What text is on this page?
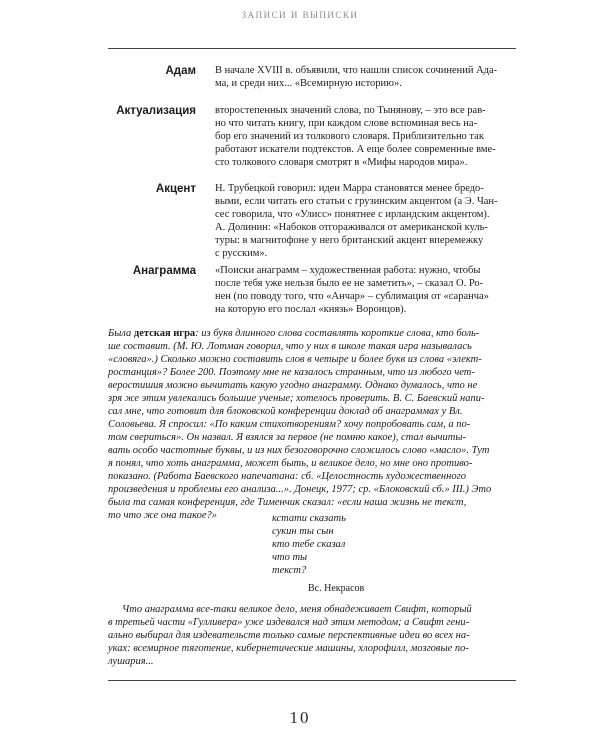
ЗАПИСИ И ВЫПИСКИ
Адам В начале XVIII в. объявили, что нашли список сочинений Ада-
ма, и среди них... «Всемирную историю».
Актуализация второстепенных значений слова, по Тынянову, – это все рав-
но что читать книгу, при каждом слове вспоминая весь на-
бор его значений из толкового словаря. Приблизительно так
работают искатели подтекстов. А еще более современные вме-
сто толкового словаря смотрят в «Мифы народов мира».
Акцент Н. Трубецкой говорил: идеи Марра становятся менее бредо-
выми, если читать его статьи с грузинским акцентом (а Э. Чан-
сес говорила, что «Улисс» понятнее с ирландским акцентом).
А. Долинин: «Набоков отгораживался от американской куль-
туры: в магнитофоне у него британский акцент вперемежку
с русским».
Анаграмма «Поиски анаграмм – художественная работа: нужно, чтобы
после тебя уже нельзя было ее не заметить», – сказал О. Ро-
нен (по поводу того, что «Анчар» – сублимация от «саранча»
на которую его послал «князь» Воронцов).
Была детская игра: из букв длинного слова составлять короткие слова, кто боль-
ше составит. (М. Ю. Лотман говорил, что у них в школе такая игра называлась
«словяга».) Сколько можно составить слов в четыре и более букв из слова «элект-
ростанция»? Более 200. Поэтому мне не казалось странным, что из любого чет-
веростишия можно вычитать какую угодно анаграмму. Однако думалось, что не
зря же этим увлекались большие ученые; хотелось проверить. В. С. Баевский напи-
сал мне, что готовит для блоковской конференции доклад об анаграммах у Вл.
Соловьева. Я спросил: «По каким стихотворениям? хочу попробовать сам, а по-
том свериться». Он назвал. Я взялся за первое (не помню какое), стал вычиты-
вать особо частотные буквы, и из них безоговорочно сложилось слово «масло». Тут
я понял, что хоть анаграмма, может быть, и великое дело, но мне оно противо-
показано. (Работа Баевского напечатана: сб. «Целостность художественного
произведения и проблемы его анализа...». Донецк, 1977; ср. «Блоковский сб.» III.) Это
была та самая конференция, где Тименчик сказал: «если наша жизнь не текст,
то что же она такое?»	кстати сказать
сукин ты сын
кто тебе сказал
что ты
текст?
Вс. Некрасов
Что анаграмма все-таки великое дело, меня обнадеживает Свифт, который
в третьей части «Гулливера» уже издевался над этим методом; а Свифт гени-
ально выбирал для издевательств только самые перспективные идеи во всех на-
уках: всемирное тяготение, кибернетические машины, хлорофилл, мозговые по-
лушария...
10
